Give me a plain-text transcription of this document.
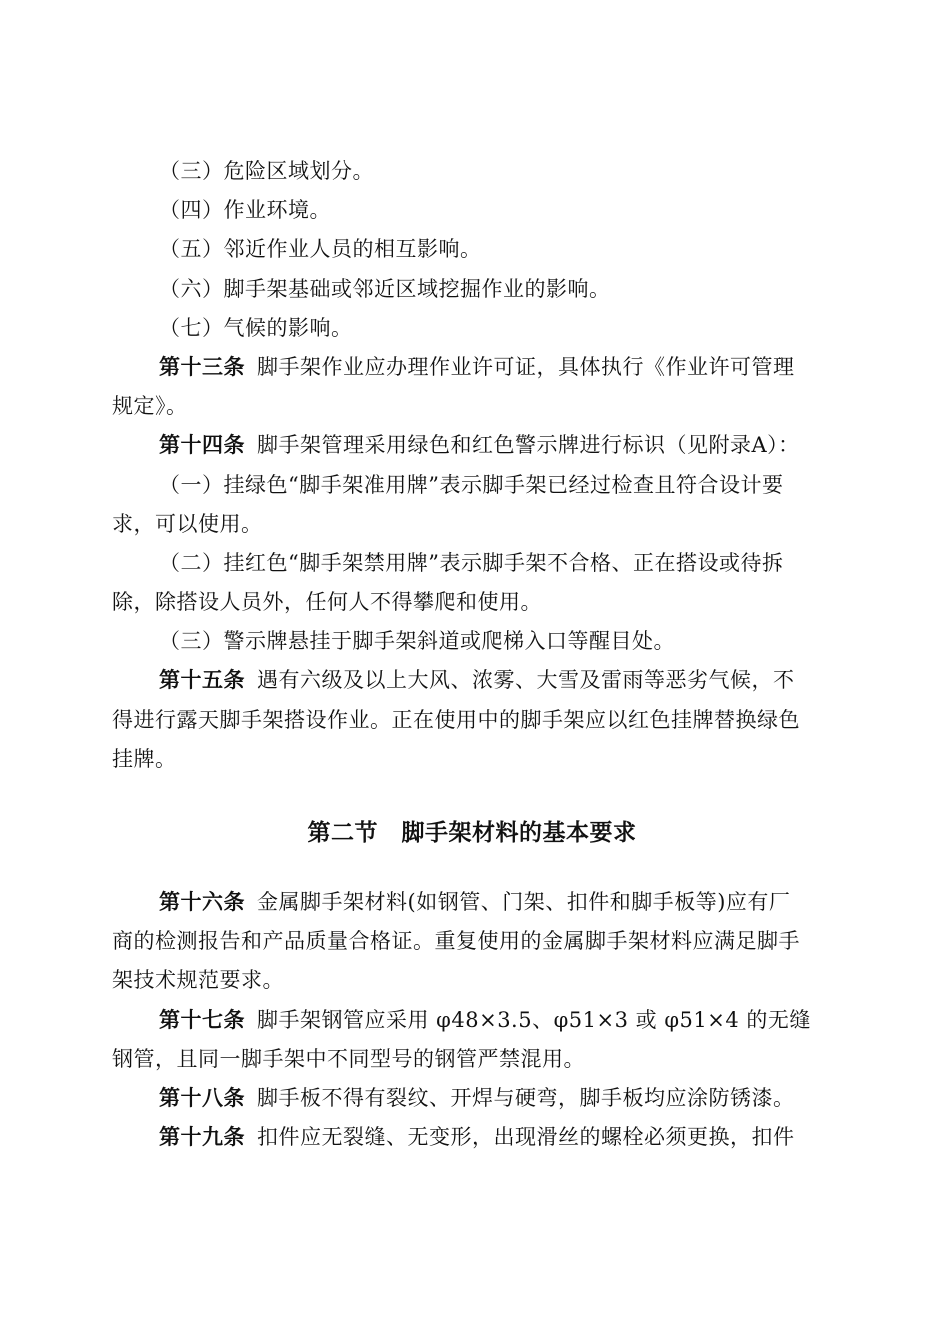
（三）危险区域划分。
（四）作业环境。
（五）邻近作业人员的相互影响。
（六）脚手架基础或邻近区域挖掘作业的影响。
（七）气候的影响。
第十三条 脚手架作业应办理作业许可证，具体执行《作业许可管理
规定》。
第十四条 脚手架管理采用绿色和红色警示牌进行标识（见附录A）：
（一）挂绿色“脚手架准用牌”表示脚手架已经过检查且符合设计要
求，可以使用。
（二）挂红色“脚手架禁用牌”表示脚手架不合格、正在搭设或待拆
除，除搭设人员外，任何人不得攀爬和使用。
（三）警示牌悬挂于脚手架斜道或爬梯入口等醒目处。
第十五条 遇有六级及以上大风、浓雾、大雪及雷雨等恶劣气候，不
得进行露天脚手架搭设作业。正在使用中的脚手架应以红色挂牌替换绿色
挂牌。
第二节　脚手架材料的基本要求
第十六条 金属脚手架材料(如钢管、门架、扣件和脚手板等)应有厂
商的检测报告和产品质量合格证。重复使用的金属脚手架材料应满足脚手
架技术规范要求。
第十七条 脚手架钢管应采用 φ48×3.5、φ51×3 或 φ51×4 的无缝
钢管，且同一脚手架中不同型号的钢管严禁混用。
第十八条 脚手板不得有裂纹、开焊与硬弯，脚手板均应涂防锈漆。
第十九条 扣件应无裂缝、无变形，出现滑丝的螺栓必须更换，扣件
